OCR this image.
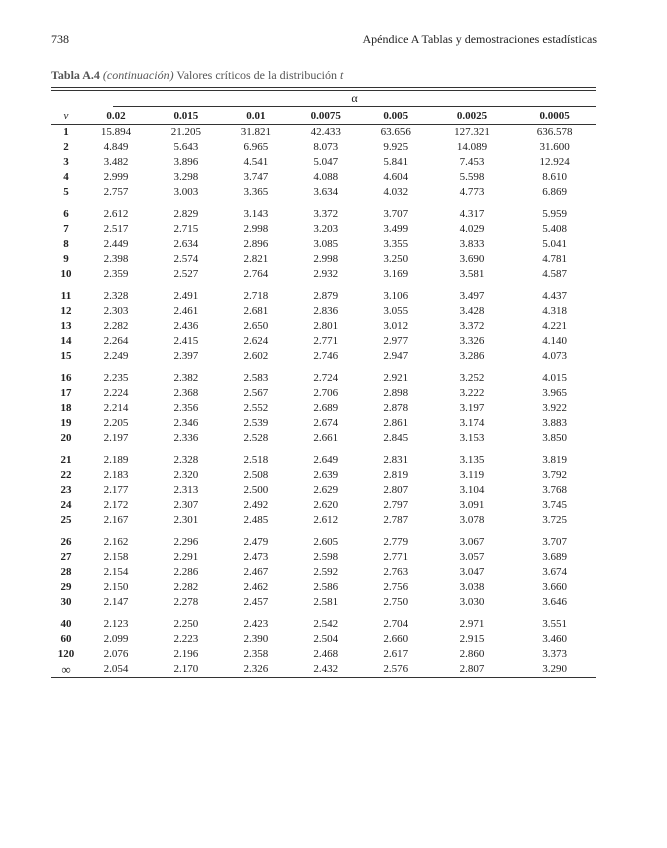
738	Apéndice A Tablas y demostraciones estadísticas
Tabla A.4 (continuación) Valores críticos de la distribución t
α
v	0.02	0.015	0.01	0.0075	0.005	0.0025	0.0005
1	15.894	21.205	31.821	42.433	63.656	127.321	636.578
2	4.849	5.643	6.965	8.073	9.925	14.089	31.600
3	3.482	3.896	4.541	5.047	5.841	7.453	12.924
4	2.999	3.298	3.747	4.088	4.604	5.598	8.610
5	2.757	3.003	3.365	3.634	4.032	4.773	6.869
6	2.612	2.829	3.143	3.372	3.707	4.317	5.959
7	2.517	2.715	2.998	3.203	3.499	4.029	5.408
8	2.449	2.634	2.896	3.085	3.355	3.833	5.041
9	2.398	2.574	2.821	2.998	3.250	3.690	4.781
10	2.359	2.527	2.764	2.932	3.169	3.581	4.587
11	2.328	2.491	2.718	2.879	3.106	3.497	4.437
12	2.303	2.461	2.681	2.836	3.055	3.428	4.318
13	2.282	2.436	2.650	2.801	3.012	3.372	4.221
14	2.264	2.415	2.624	2.771	2.977	3.326	4.140
15	2.249	2.397	2.602	2.746	2.947	3.286	4.073
16	2.235	2.382	2.583	2.724	2.921	3.252	4.015
17	2.224	2.368	2.567	2.706	2.898	3.222	3.965
18	2.214	2.356	2.552	2.689	2.878	3.197	3.922
19	2.205	2.346	2.539	2.674	2.861	3.174	3.883
20	2.197	2.336	2.528	2.661	2.845	3.153	3.850
21	2.189	2.328	2.518	2.649	2.831	3.135	3.819
22	2.183	2.320	2.508	2.639	2.819	3.119	3.792
23	2.177	2.313	2.500	2.629	2.807	3.104	3.768
24	2.172	2.307	2.492	2.620	2.797	3.091	3.745
25	2.167	2.301	2.485	2.612	2.787	3.078	3.725
26	2.162	2.296	2.479	2.605	2.779	3.067	3.707
27	2.158	2.291	2.473	2.598	2.771	3.057	3.689
28	2.154	2.286	2.467	2.592	2.763	3.047	3.674
29	2.150	2.282	2.462	2.586	2.756	3.038	3.660
30	2.147	2.278	2.457	2.581	2.750	3.030	3.646
40	2.123	2.250	2.423	2.542	2.704	2.971	3.551
60	2.099	2.223	2.390	2.504	2.660	2.915	3.460
120	2.076	2.196	2.358	2.468	2.617	2.860	3.373
∞	2.054	2.170	2.326	2.432	2.576	2.807	3.290
